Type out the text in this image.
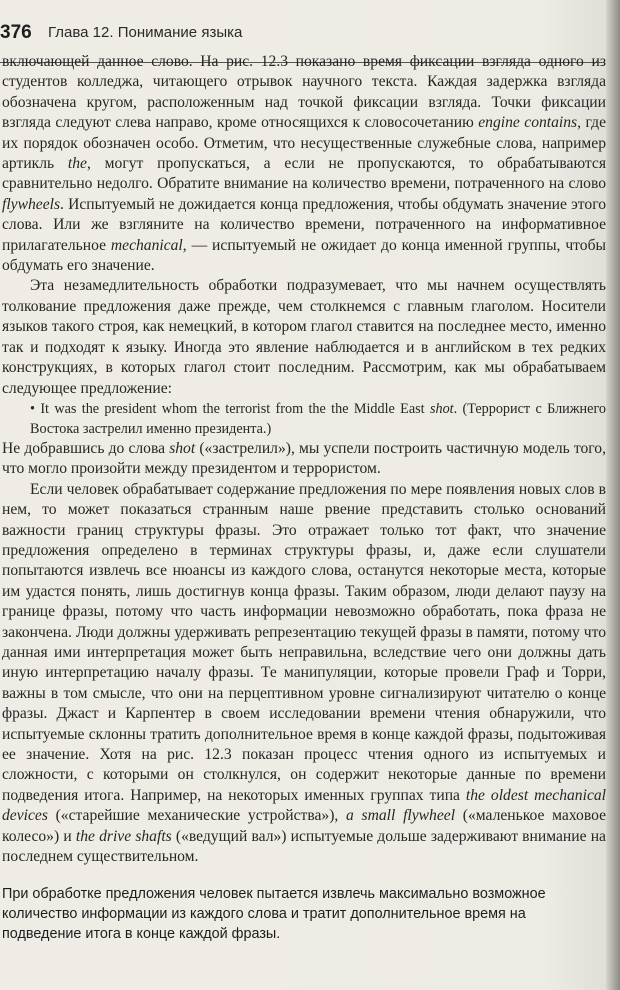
376 Глава 12. Понимание языка

включающей данное слово. На рис. 12.3 показано время фиксации взгляда одного из студентов колледжа, читающего отрывок научного текста. Каждая задержка взгляда обозначена кругом, расположенным над точкой фиксации взгляда. Точки фиксации взгляда следуют слева направо, кроме относящихся к словосочетанию engine contains, где их порядок обозначен особо. Отметим, что несущественные служебные слова, например артикль the, могут пропускаться, а если не пропускаются, то обрабатываются сравнительно недолго. Обратите внимание на количество времени, потраченного на слово flywheels. Испытуемый не дожидается конца предложения, чтобы обдумать значение этого слова. Или же взгляните на количество времени, потраченного на информативное прилагательное mechanical, — испытуемый не ожидает до конца именной группы, чтобы обдумать его значение.

Эта незамедлительность обработки подразумевает, что мы начнем осуществлять толкование предложения даже прежде, чем столкнемся с главным глаголом. Носители языков такого строя, как немецкий, в котором глагол ставится на последнее место, именно так и подходят к языку. Иногда это явление наблюдается и в английском в тех редких конструкциях, в которых глагол стоит последним. Рассмотрим, как мы обрабатываем следующее предложение:

• It was the president whom the terrorist from the the Middle East shot. (Террорист с Ближнего Востока застрелил именно президента.)

Не добравшись до слова shot («застрелил»), мы успели построить частичную модель того, что могло произойти между президентом и террористом.

Если человек обрабатывает содержание предложения по мере появления новых слов в нем, то может показаться странным наше рвение представить столько оснований важности границ структуры фразы. Это отражает только тот факт, что значение предложения определено в терминах структуры фразы, и, даже если слушатели попытаются извлечь все нюансы из каждого слова, останутся некоторые места, которые им удастся понять, лишь достигнув конца фразы. Таким образом, люди делают паузу на границе фразы, потому что часть информации невозможно обработать, пока фраза не закончена. Люди должны удерживать репрезентацию текущей фразы в памяти, потому что данная ими интерпретация может быть неправильна, вследствие чего они должны дать иную интерпретацию началу фразы. Те манипуляции, которые провели Граф и Торри, важны в том смысле, что они на перцептивном уровне сигнализируют читателю о конце фразы. Джаст и Карпентер в своем исследовании времени чтения обнаружили, что испытуемые склонны тратить дополнительное время в конце каждой фразы, подытоживая ее значение. Хотя на рис. 12.3 показан процесс чтения одного из испытуемых и сложности, с которыми он столкнулся, он содержит некоторые данные по времени подведения итога. Например, на некоторых именных группах типа the oldest mechanical devices («старейшие механические устройства»), a small flywheel («маленькое маховое колесо») и the drive shafts («ведущий вал») испытуемые дольше задерживают внимание на последнем существительном.

При обработке предложения человек пытается извлечь максимально возможное количество информации из каждого слова и тратит дополнительное время на подведение итога в конце каждой фразы.
